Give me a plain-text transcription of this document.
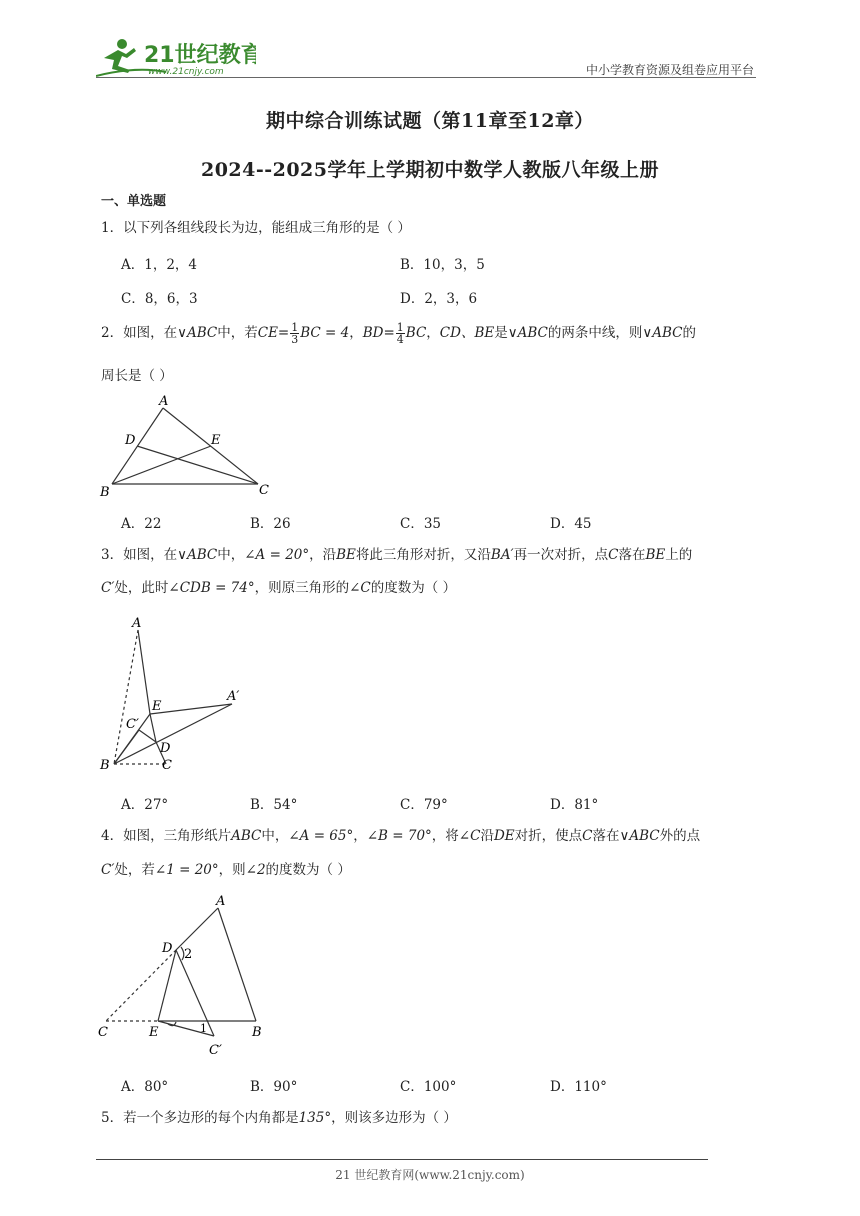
21世纪教育
www.21cnjy.com	中小学教育资源及组卷应用平台
期中综合训练试题（第11章至12章）
2024--2025学年上学期初中数学人教版八年级上册
一、单选题
1．以下列各组线段长为边，能组成三角形的是（ ）
A．1，2，4	B．10，3，5
C．8，6，3	D．2，3，6
2．如图，在∨ABC中，若$CE= \frac{1}{3}$ BC = 4，$BD= \frac{1}{4}$ BC，CD、BE是∨ABC的两条中线，则∨ABC的
周长是（ ）
A
D	E
B	C
A．22	B．26	C．35	D．45
3．如图，在∨ABC中，∠A = 20°，沿BE将此三角形对折，又沿BA′再一次对折，点C落在BE上的
C′处，此时∠CDB = 74°，则原三角形的∠C的度数为（ ）
A
E
A′
C′
D
B	C
A．27°	B．54°	C．79°	D．81°
4．如图，三角形纸片ABC中，∠A = 65°，∠B = 70°，将∠C沿DE对折，使点C落在∨ABC外的点
C′处，若∠1 = 20°，则∠2的度数为（ ）
A
D 2
C	E	1	B
C′
A．80°	B．90°	C．100°	D．110°
5．若一个多边形的每个内角都是135°，则该多边形为（ ）
21 世纪教育网(www.21cnjy.com)
